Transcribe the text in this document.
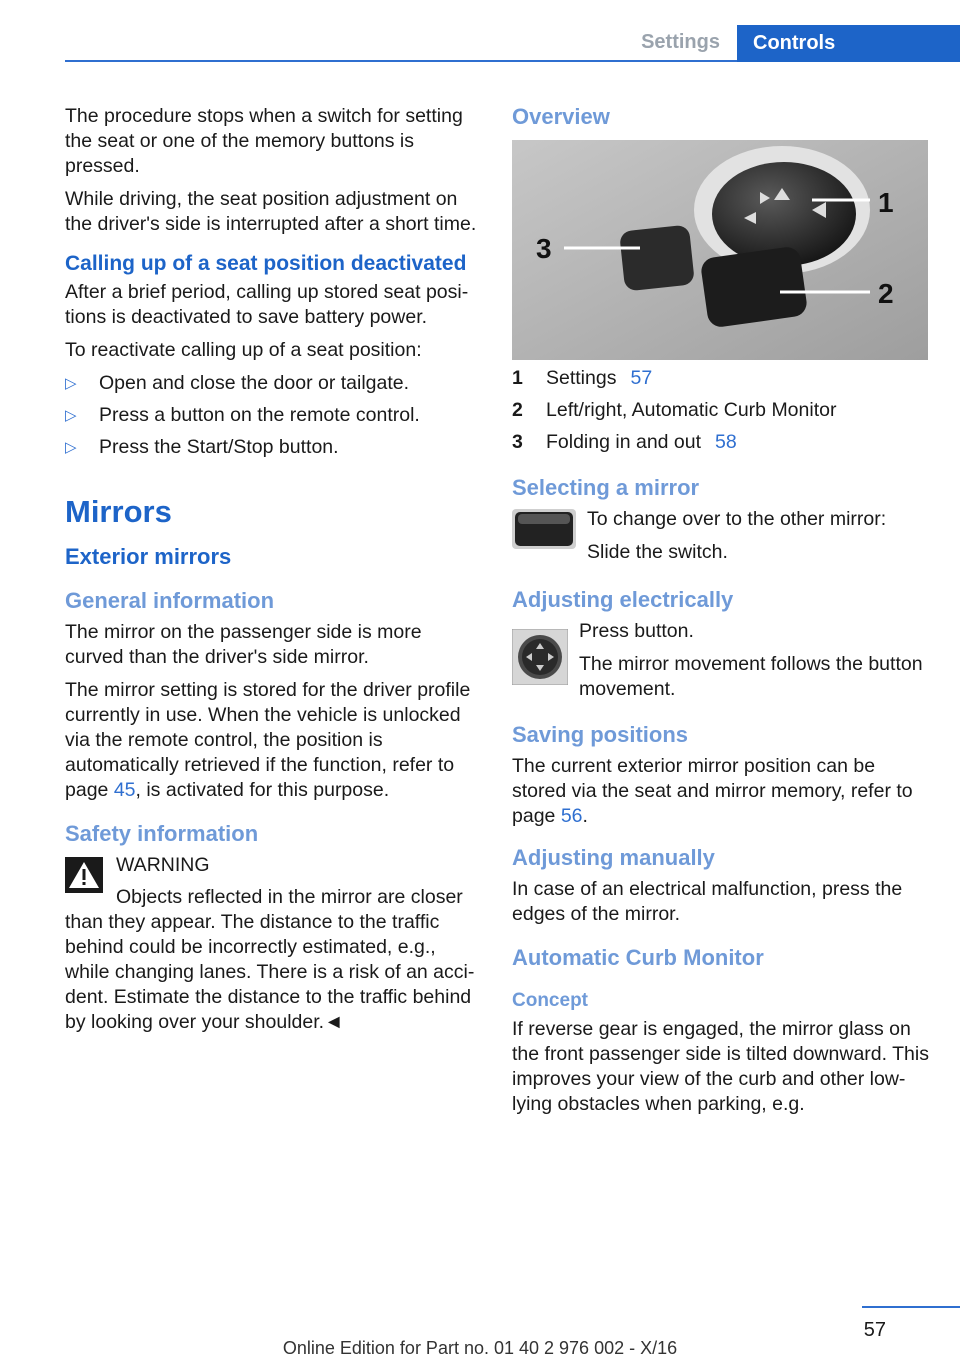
Settings	Controls

The procedure stops when a switch for setting the seat or one of the memory buttons is pressed.

While driving, the seat position adjustment on the driver's side is interrupted after a short time.

Calling up of a seat position deactivated

After a brief period, calling up stored seat positions is deactivated to save battery power.

To reactivate calling up of a seat position:

▷ Open and close the door or tailgate.
▷ Press a button on the remote control.
▷ Press the Start/Stop button.
Mirrors
Exterior mirrors
General information

The mirror on the passenger side is more curved than the driver's side mirror.

The mirror setting is stored for the driver profile currently in use. When the vehicle is unlocked via the remote control, the position is automatically retrieved if the function, refer to page 45, is activated for this purpose.

Safety information

WARNING

Objects reflected in the mirror are closer

than they appear. The distance to the traffic behind could be incorrectly estimated, e.g., while changing lanes. There is a risk of an accident. Estimate the distance to the traffic behind by looking over your shoulder.◄

Overview
3
1
2
1	Settings 57
2	Left/right, Automatic Curb Monitor
3	Folding in and out 58
Selecting a mirror

To change over to the other mirror:

Slide the switch.

Adjusting electrically

Press button.

The mirror movement follows the button movement.

Saving positions

The current exterior mirror position can be stored via the seat and mirror memory, refer to page 56.

Adjusting manually

In case of an electrical malfunction, press the edges of the mirror.

Automatic Curb Monitor
Concept

If reverse gear is engaged, the mirror glass on the front passenger side is tilted downward. This improves your view of the curb and other low-lying obstacles when parking, e.g.

57
Online Edition for Part no. 01 40 2 976 002 - X/16
